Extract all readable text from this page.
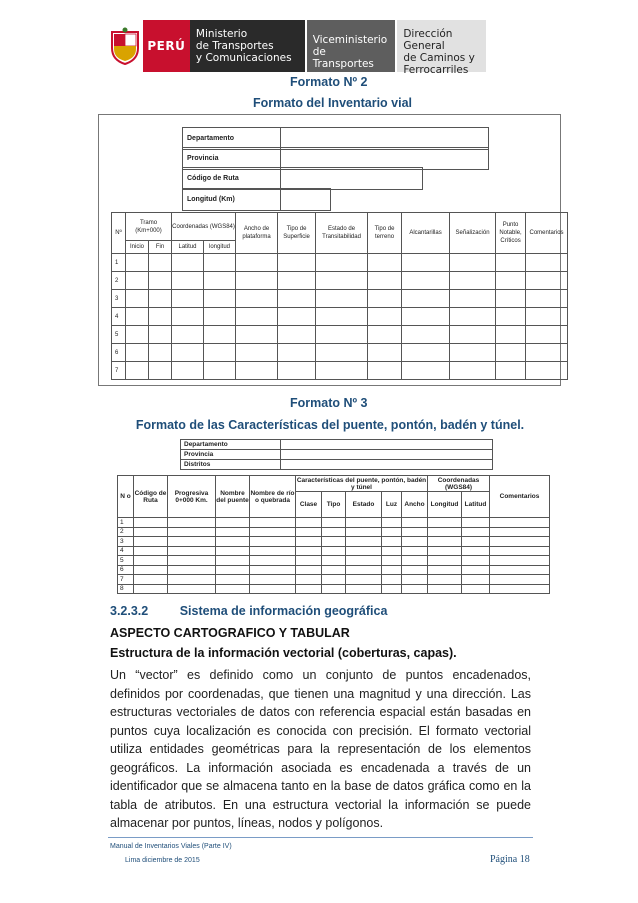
PERÚ
Ministerio
de Transportes
y Comunicaciones
Viceministerio
de Transportes
Dirección General
de Caminos y
Ferrocarriles
Formato Nº 2
Formato del Inventario vial
Departamento	
Provincia	
Código de Ruta	
Longitud (Km)	
Nº	Tramo (Km+000)		Coordenadas (WGS84)		Ancho de plataforma	Tipo de Superficie	Estado de Transitabilidad	Tipo de terreno	Alcantarillas	Señalización	Punto Notable, Críticos	Comentarios
	Inicio	Fin	Latitud	longitud								
1												
2												
3												
4												
5												
6												
7												
Formato Nº 3
Formato de las Características del puente, pontón, badén y túnel.
Departamento	
Provincia	
Distritos	
N o	Código de Ruta	Progresiva 0+000 Km.	Nombre del puente	Nombre de río o quebrada	Características del puente, pontón, badén y túnel					Coordenadas (WGS84)		Comentarios
					Clase	Tipo	Estado	Luz	Ancho	Longitud	Latitud	
1												
2												
3												
4												
5												
6												
7												
8												
3.2.3.2	Sistema de información geográfica
ASPECTO CARTOGRAFICO Y TABULAR
Estructura de la información vectorial (coberturas, capas).
Un “vector” es definido como un conjunto de puntos encadenados, definidos por coordenadas, que tienen una magnitud y una dirección. Las estructuras vectoriales de datos con referencia espacial están basadas en puntos cuya localización es conocida con precisión. El formato vectorial utiliza entidades geométricas para la representación de los elementos geográficos. La información asociada es encadenada a través de un identificador que se almacena tanto en la base de datos gráfica como en la tabla de atributos. En una estructura vectorial la información se puede almacenar por puntos, líneas, nodos y polígonos.
Manual de Inventarios Viales (Parte IV)
Lima diciembre de 2015	Página 18
